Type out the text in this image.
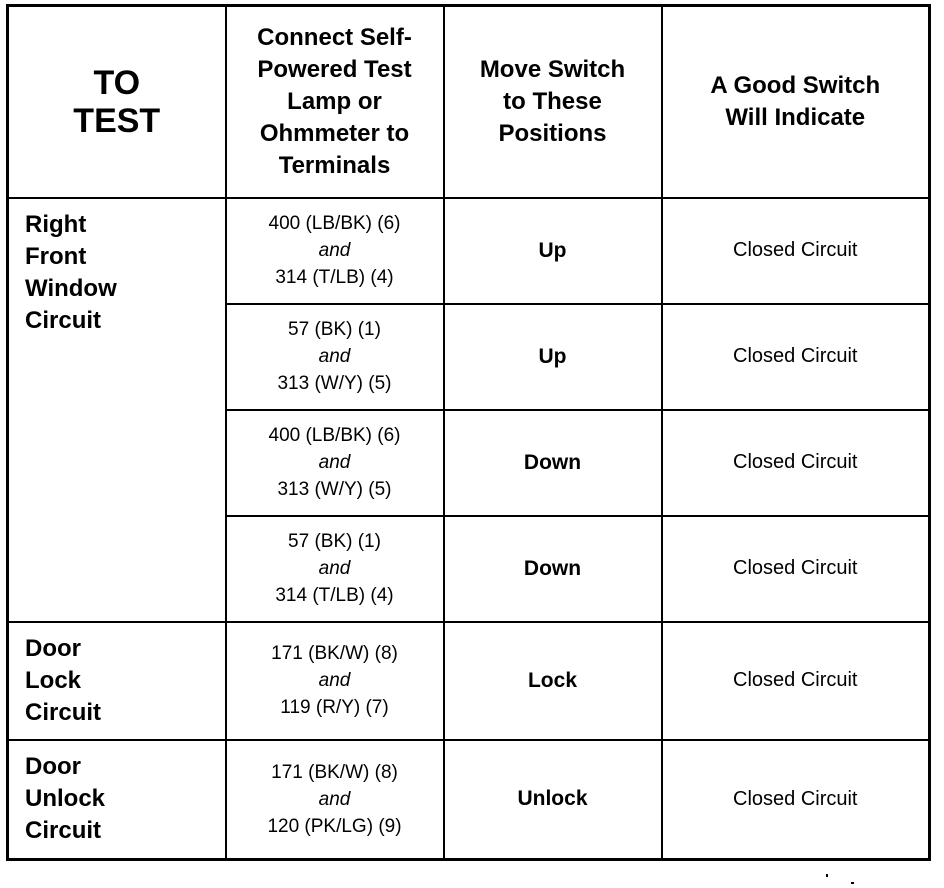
TO
TEST	Connect Self-
Powered Test
Lamp or
Ohmmeter to
Terminals	Move Switch
to These
Positions	A Good Switch
Will Indicate

Right
Front
Window
Circuit	400 (LB/BK) (6)
and
314 (T/LB) (4)	Up	Closed Circuit

	57 (BK) (1)
and
313 (W/Y) (5)	Up	Closed Circuit

	400 (LB/BK) (6)
and
313 (W/Y) (5)	Down	Closed Circuit

	57 (BK) (1)
and
314 (T/LB) (4)	Down	Closed Circuit

Door
Lock
Circuit	171 (BK/W) (8)
and
119 (R/Y) (7)	Lock	Closed Circuit

Door
Unlock
Circuit	171 (BK/W) (8)
and
120 (PK/LG) (9)	Unlock	Closed Circuit
